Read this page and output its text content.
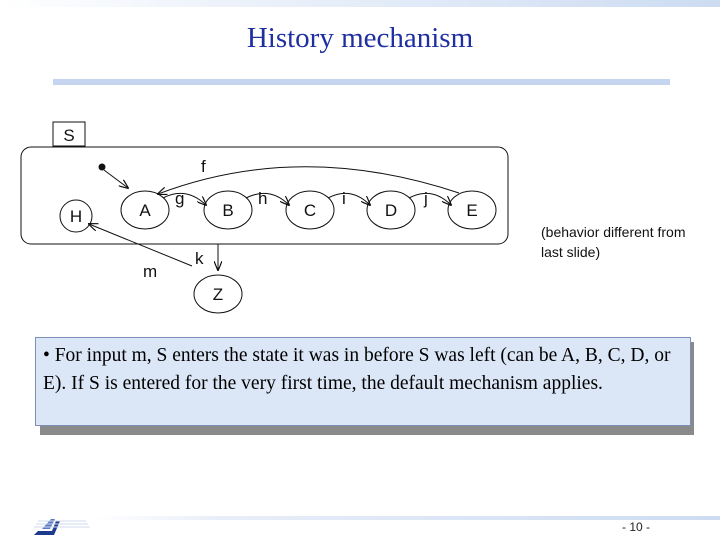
History mechanism
S
H	A	B	C	D	E
g	h	i	j
f
m
k
Z
(behavior different from last slide)
• For input m, S enters the state it was in before S was left (can be A, B, C, D, or E). If S is entered for the very first time, the default mechanism applies.
- 10 -
